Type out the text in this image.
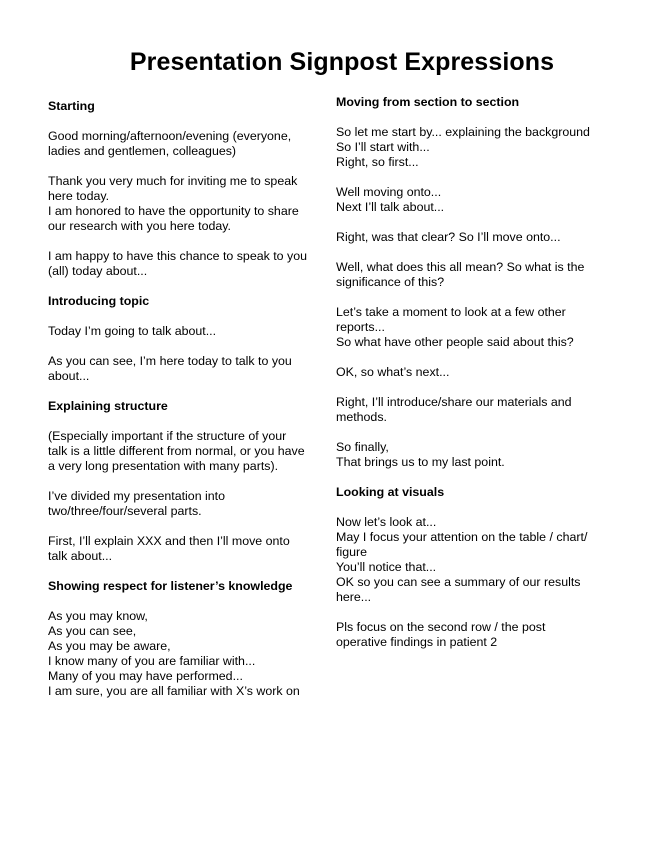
Presentation Signpost Expressions
Starting
Good morning/afternoon/evening (everyone,
ladies and gentlemen, colleagues)
Thank you very much for inviting me to speak
here today.
I am honored to have the opportunity to share
our research with you here today.
I am happy to have this chance to speak to you
(all) today about...
Introducing topic
Today I’m going to talk about...
As you can see, I’m here today to talk to you
about...
Explaining structure
(Especially important if the structure of your
talk is a little different from normal, or you have
a very long presentation with many parts).
I’ve divided my presentation into
two/three/four/several parts.
First, I’ll explain XXX and then I’ll move onto
talk about...
Showing respect for listener’s knowledge
As you may know,
As you can see,
As you may be aware,
I know many of you are familiar with...
Many of you may have performed...
I am sure, you are all familiar with X’s work on
Moving from section to section
So let me start by... explaining the background
So I’ll start with...
Right, so first...
Well moving onto...
Next I’ll talk about...
Right, was that clear? So I’ll move onto...
Well, what does this all mean? So what is the
significance of this?
Let’s take a moment to look at a few other
reports...
So what have other people said about this?
OK, so what’s next...
Right, I’ll introduce/share our materials and
methods.
So finally,
That brings us to my last point.
Looking at visuals
Now let’s look at...
May I focus your attention on the table / chart/
figure
You’ll notice that...
OK so you can see a summary of our results
here...
Pls focus on the second row / the post
operative findings in patient 2
